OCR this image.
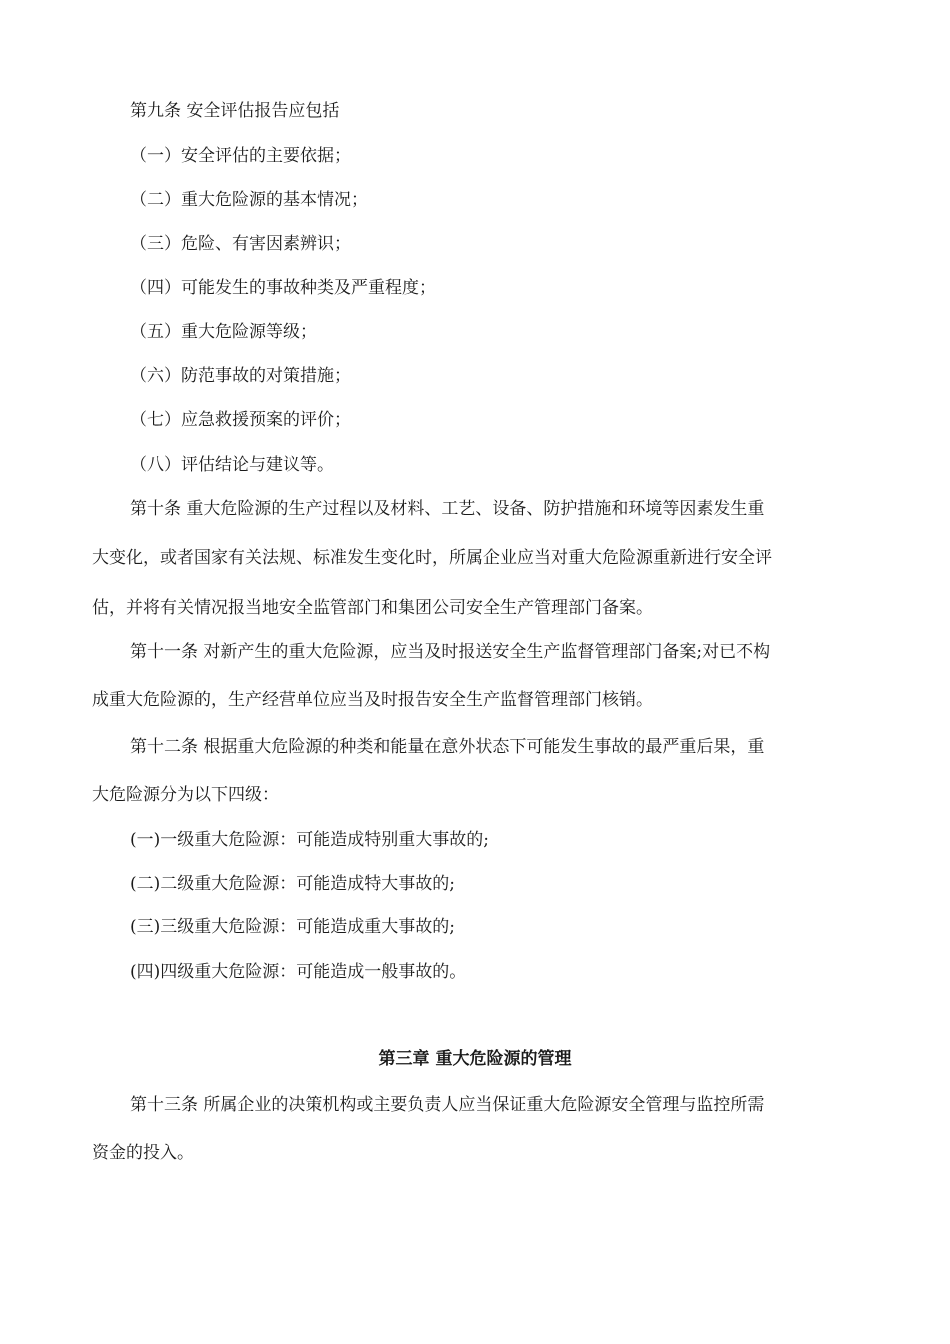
第九条 安全评估报告应包括
（一）安全评估的主要依据；
（二）重大危险源的基本情况；
（三）危险、有害因素辨识；
（四）可能发生的事故种类及严重程度；
（五）重大危险源等级；
（六）防范事故的对策措施；
（七）应急救援预案的评价；
（八）评估结论与建议等。
第十条 重大危险源的生产过程以及材料、工艺、设备、防护措施和环境等因素发生重
大变化，或者国家有关法规、标准发生变化时，所属企业应当对重大危险源重新进行安全评
估，并将有关情况报当地安全监管部门和集团公司安全生产管理部门备案。
第十一条 对新产生的重大危险源，应当及时报送安全生产监督管理部门备案;对已不构
成重大危险源的，生产经营单位应当及时报告安全生产监督管理部门核销。
第十二条 根据重大危险源的种类和能量在意外状态下可能发生事故的最严重后果，重
大危险源分为以下四级：
(一)一级重大危险源：可能造成特别重大事故的;
(二)二级重大危险源：可能造成特大事故的;
(三)三级重大危险源：可能造成重大事故的;
(四)四级重大危险源：可能造成一般事故的。
第三章 重大危险源的管理
第十三条 所属企业的决策机构或主要负责人应当保证重大危险源安全管理与监控所需
资金的投入。
